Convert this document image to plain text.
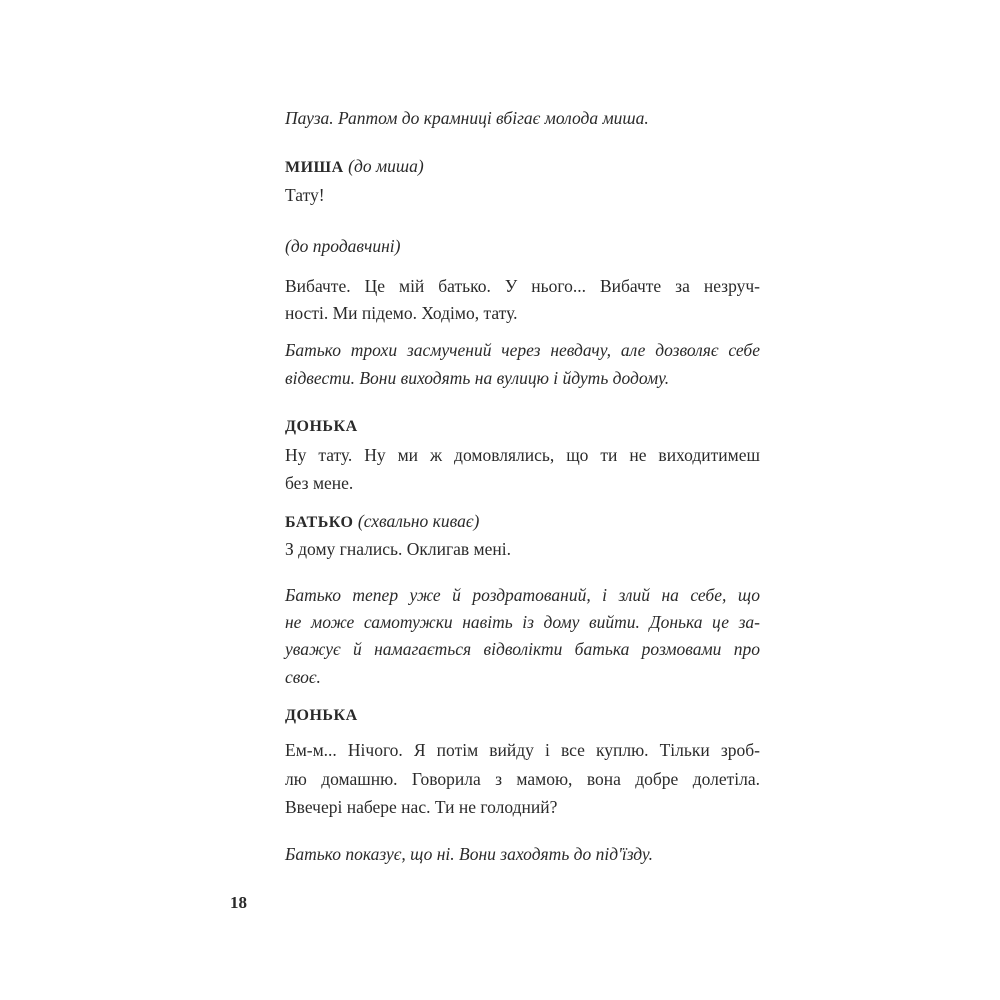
Пауза. Раптом до крамниці вбігає молода миша.
МИША (до миша)
Тату!
(до продавчині)
Вибачте. Це мій батько. У нього... Вибачте за незруч-
ності. Ми підемо. Ходімо, тату.
Батько трохи засмучений через невдачу, але дозволяє себе
відвести. Вони виходять на вулицю і йдуть додому.
ДОНЬКА
Ну тату. Ну ми ж домовлялись, що ти не виходитимеш
без мене.
БАТЬКО (схвально киває)
З дому гнались. Оклигав мені.
Батько тепер уже й роздратований, і злий на себе, що
не може самотужки навіть із дому вийти. Донька це за-
уважує й намагається відволікти батька розмовами про
своє.
ДОНЬКА
Ем-м... Нічого. Я потім вийду і все куплю. Тільки зроб-
лю домашню. Говорила з мамою, вона добре долетіла.
Ввечері набере нас. Ти не голодний?
Батько показує, що ні. Вони заходять до під'їзду.
18
